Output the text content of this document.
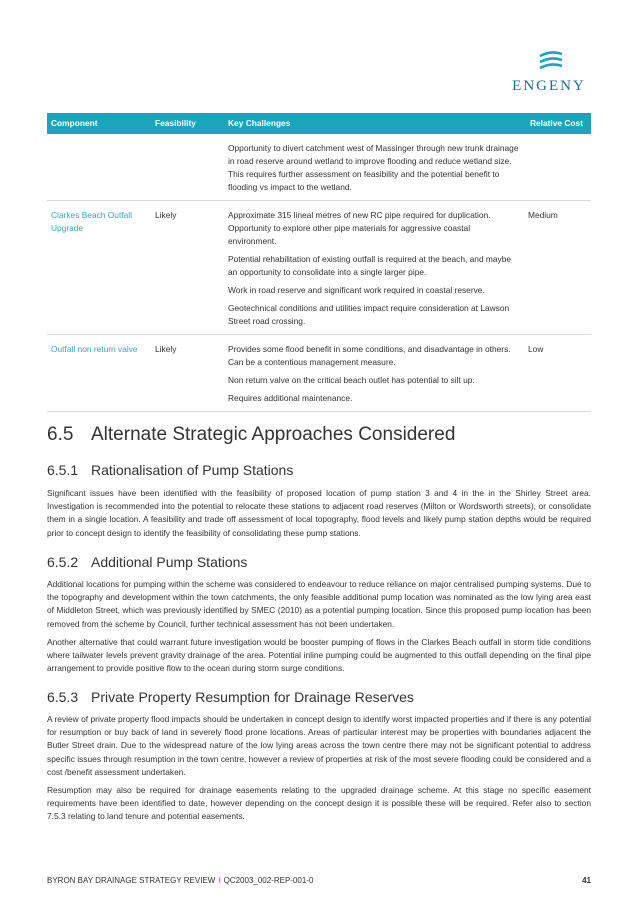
ENGENY
Component	Feasibility	Key Challenges	Relative Cost

		Opportunity to divert catchment west of Massinger through new trunk drainage in road reserve around wetland to improve flooding and reduce wetland size. This requires further assessment on feasibility and the potential benefit to flooding vs impact to the wetland.	

Clarkes Beach Outfall Upgrade	Likely	Approximate 315 lineal metres of new RC pipe required for duplication. Opportunity to explore other pipe materials for aggressive coastal environment.

Potential rehabilitation of existing outfall is required at the beach, and maybe an opportunity to consolidate into a single larger pipe.

Work in road reserve and significant work required in coastal reserve.

Geotechnical conditions and utilities impact require consideration at Lawson Street road crossing.	Medium
Outfall non return valve	Likely	Provides some flood benefit in some conditions, and disadvantage in others. Can be a contentious management measure.

Non return valve on the critical beach outlet has potential to silt up.

Requires additional maintenance.	Low
6.5 Alternate Strategic Approaches Considered
6.5.1 Rationalisation of Pump Stations

Significant issues have been identified with the feasibility of proposed location of pump station 3 and 4 in the in the Shirley Street area. Investigation is recommended into the potential to relocate these stations to adjacent road reserves (Milton or Wordsworth streets), or consolidate them in a single location. A feasibility and trade off assessment of local topography, flood levels and likely pump station depths would be required prior to concept design to identify the feasibility of consolidating these pump stations.

6.5.2 Additional Pump Stations

Additional locations for pumping within the scheme was considered to endeavour to reduce reliance on major centralised pumping systems. Due to the topography and development within the town catchments, the only feasible additional pump location was nominated as the low lying area east of Middleton Street, which was previously identified by SMEC (2010) as a potential pumping location. Since this proposed pump location has been removed from the scheme by Council, further technical assessment has not been undertaken.

Another alternative that could warrant future investigation would be booster pumping of flows in the Clarkes Beach outfall in storm tide conditions where tailwater levels prevent gravity drainage of the area. Potential inline pumping could be augmented to this outfall depending on the final pipe arrangement to provide positive flow to the ocean during storm surge conditions.

6.5.3 Private Property Resumption for Drainage Reserves

A review of private property flood impacts should be undertaken in concept design to identify worst impacted properties and if there is any potential for resumption or buy back of land in severely flood prone locations. Areas of particular interest may be properties with boundaries adjacent the Butler Street drain. Due to the widespread nature of the low lying areas across the town centre there may not be significant potential to address specific issues through resumption in the town centre, however a review of properties at risk of the most severe flooding could be considered and a cost /benefit assessment undertaken.

Resumption may also be required for drainage easements relating to the upgraded drainage scheme. At this stage no specific easement requirements have been identified to date, however depending on the concept design it is possible these will be required. Refer also to section 7.5.3 relating to land tenure and potential easements.

BYRON BAY DRAINAGE STRATEGY REVIEW I QC2003_002-REP-001-0	41
